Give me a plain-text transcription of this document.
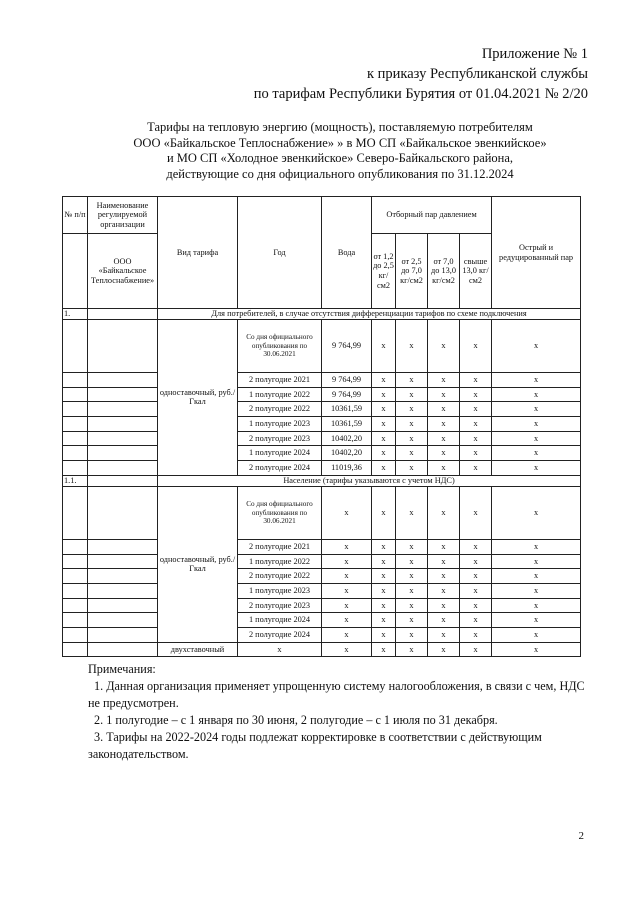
Приложение № 1
к приказу Республиканской службы
по тарифам Республики Бурятия от 01.04.2021 № 2/20
Тарифы на тепловую энергию (мощность), поставляемую потребителям
ООО «Байкальское Теплоснабжение» » в МО СП «Байкальское эвенкийское»
и МО СП «Холодное эвенкийское» Северо-Байкальского района,
действующие со дня официального опубликования по 31.12.2024
№ п/п	Наименование регулируемой организации	Вид тарифа	Год	Вода	Отборный пар давлением				Острый и редуцированный пар
	ООО «Байкальское Теплоснабжение»				от 1,2 до 2,5 кг/см2	от 2,5 до 7,0 кг/см2	от 7,0 до 13,0 кг/см2	свыше 13,0 кг/см2	
1.		Для потребителей, в случае отсутствия дифференциации тарифов по схеме подключения							
		одноставочный, руб./Гкал	Со дня официального опубликования по 30.06.2021	9 764,99	х	х	х	х	х
			2 полугодие 2021	9 764,99	х	х	х	х	х
			1 полугодие 2022	9 764,99	х	х	х	х	х
			2 полугодие 2022	10361,59	х	х	х	х	х
			1 полугодие 2023	10361,59	х	х	х	х	х
			2 полугодие 2023	10402,20	х	х	х	х	х
			1 полугодие 2024	10402,20	х	х	х	х	х
			2 полугодие 2024	11019,36	х	х	х	х	х
1.1.		Население (тарифы указываются с учетом НДС)							
		одноставочный, руб./Гкал	Со дня официального опубликования по 30.06.2021	х	х	х	х	х	х
			2 полугодие 2021	х	х	х	х	х	х
			1 полугодие 2022	х	х	х	х	х	х
			2 полугодие 2022	х	х	х	х	х	х
			1 полугодие 2023	х	х	х	х	х	х
			2 полугодие 2023	х	х	х	х	х	х
			1 полугодие 2024	х	х	х	х	х	х
			2 полугодие 2024	х	х	х	х	х	х
		двухставочный	х	х	х	х	х	х	х

Примечания:

1. Данная организация применяет упрощенную систему налогообложения, в связи с чем, НДС не предусмотрен.

2. 1 полугодие – с 1 января по 30 июня, 2 полугодие – с 1 июля по 31 декабря.

3. Тарифы на 2022-2024 годы подлежат корректировке в соответствии с действующим законодательством.

2
